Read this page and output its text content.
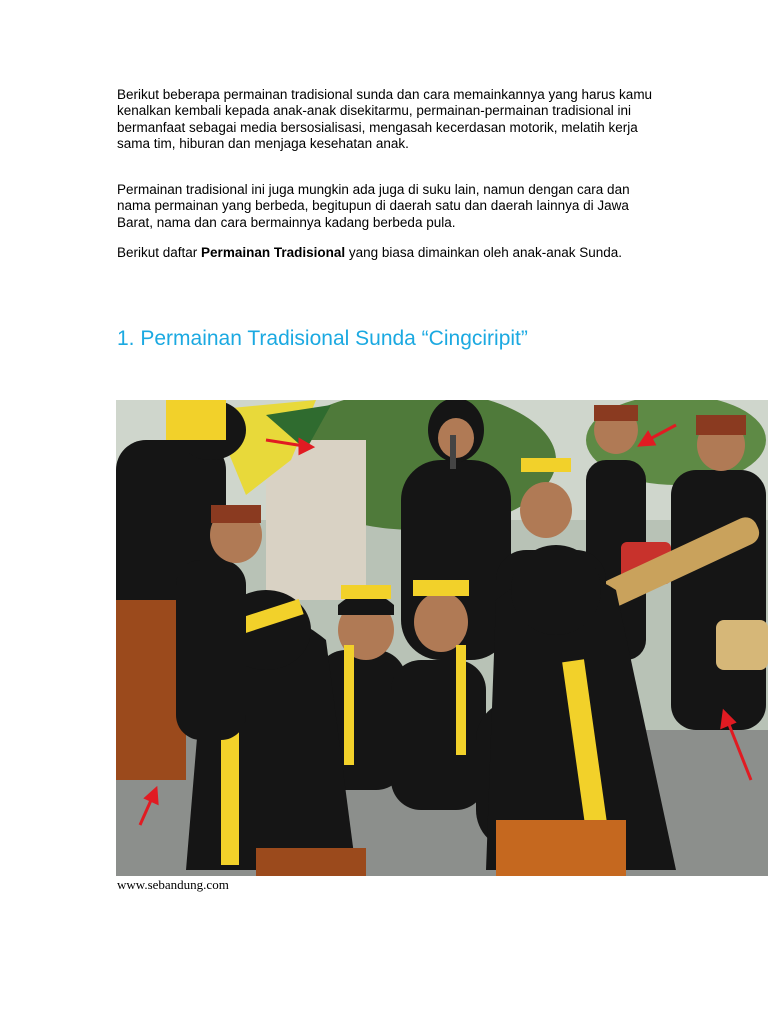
Berikut beberapa permainan tradisional sunda dan cara memainkannya yang harus kamu kenalkan kembali kepada anak-anak disekitarmu, permainan-permainan tradisional ini bermanfaat sebagai media bersosialisasi, mengasah kecerdasan motorik, melatih kerja sama tim, hiburan dan menjaga kesehatan anak.

Permainan tradisional ini juga mungkin ada juga di suku lain, namun dengan cara dan nama permainan yang berbeda, begitupun di daerah satu dan daerah lainnya di Jawa Barat, nama dan cara bermainnya kadang berbeda pula.

Berikut daftar Permainan Tradisional yang biasa dimainkan oleh anak-anak Sunda.

1. Permainan Tradisional Sunda “Cingciripit”

www.sebandung.com
